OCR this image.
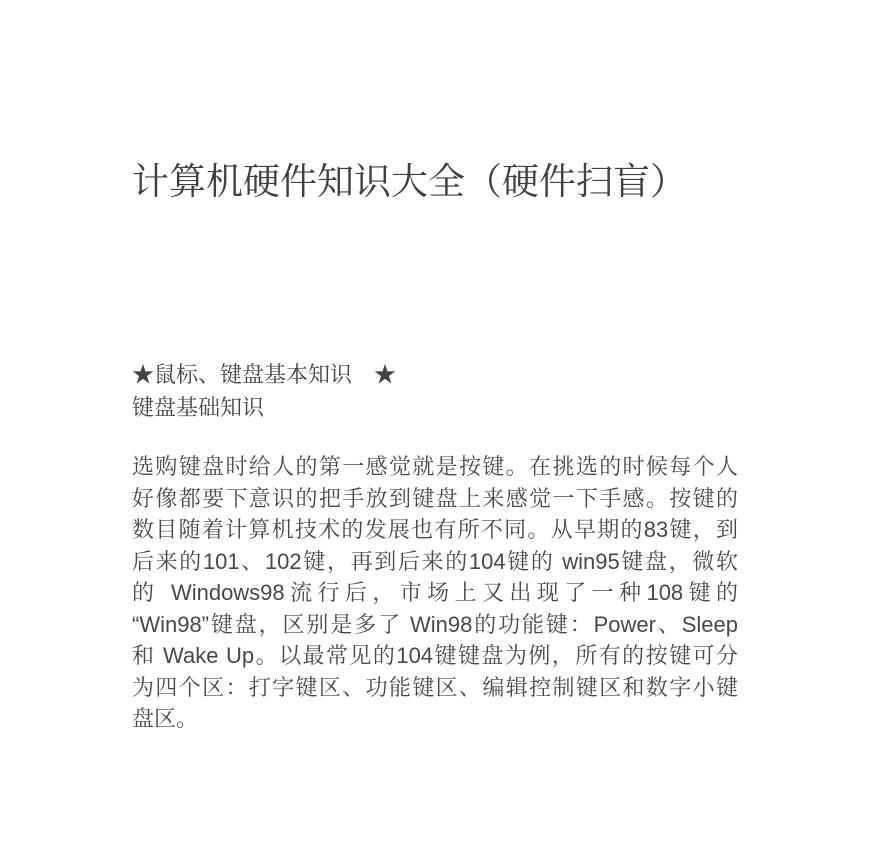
计算机硬件知识大全（硬件扫盲）
★鼠标、键盘基本知识　★
键盘基础知识
选购键盘时给人的第一感觉就是按键。在挑选的时候每个人
好像都要下意识的把手放到键盘上来感觉一下手感。按键的
数目随着计算机技术的发展也有所不同。从早期的83键，到
后来的101、102键，再到后来的104键的 win95键盘，微软
的 Windows98流行后，市场上又出现了一种108键的
“Win98”键盘，区别是多了 Win98的功能键：Power、Sleep
和 Wake Up。以最常见的104键键盘为例，所有的按键可分
为四个区：打字键区、功能键区、编辑控制键区和数字小键
盘区。
